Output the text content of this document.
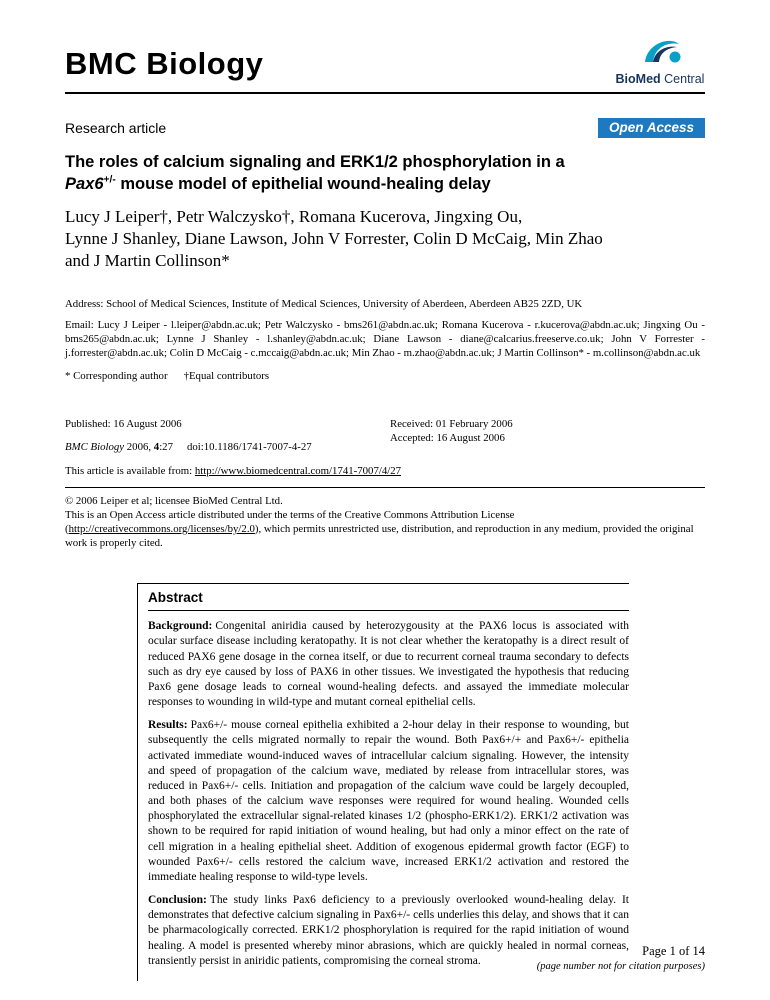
BMC Biology	BioMed Central
Research article	Open Access
The roles of calcium signaling and ERK1/2 phosphorylation in a
Pax6+/- mouse model of epithelial wound-healing delay
Lucy J Leiper†, Petr Walczysko†, Romana Kucerova, Jingxing Ou,
Lynne J Shanley, Diane Lawson, John V Forrester, Colin D McCaig, Min Zhao
and J Martin Collinson*
Address: School of Medical Sciences, Institute of Medical Sciences, University of Aberdeen, Aberdeen AB25 2ZD, UK
Email: Lucy J Leiper - l.leiper@abdn.ac.uk; Petr Walczysko - bms261@abdn.ac.uk; Romana Kucerova - r.kucerova@abdn.ac.uk; Jingxing Ou - bms265@abdn.ac.uk; Lynne J Shanley - l.shanley@abdn.ac.uk; Diane Lawson - diane@calcarius.freeserve.co.uk; John V Forrester - j.forrester@abdn.ac.uk; Colin D McCaig - c.mccaig@abdn.ac.uk; Min Zhao - m.zhao@abdn.ac.uk; J Martin Collinson* - m.collinson@abdn.ac.uk
* Corresponding author †Equal contributors
Published: 16 August 2006
BMC Biology 2006, 4:27 doi:10.1186/1741-7007-4-27
Received: 01 February 2006
Accepted: 16 August 2006
This article is available from: http://www.biomedcentral.com/1741-7007/4/27
© 2006 Leiper et al; licensee BioMed Central Ltd.
This is an Open Access article distributed under the terms of the Creative Commons Attribution License (http://creativecommons.org/licenses/by/2.0), which permits unrestricted use, distribution, and reproduction in any medium, provided the original work is properly cited.
Abstract

Background: Congenital aniridia caused by heterozygousity at the PAX6 locus is associated with ocular surface disease including keratopathy. It is not clear whether the keratopathy is a direct result of reduced PAX6 gene dosage in the cornea itself, or due to recurrent corneal trauma secondary to defects such as dry eye caused by loss of PAX6 in other tissues. We investigated the hypothesis that reducing Pax6 gene dosage leads to corneal wound-healing defects. and assayed the immediate molecular responses to wounding in wild-type and mutant corneal epithelial cells.

Results: Pax6+/- mouse corneal epithelia exhibited a 2-hour delay in their response to wounding, but subsequently the cells migrated normally to repair the wound. Both Pax6+/+ and Pax6+/- epithelia activated immediate wound-induced waves of intracellular calcium signaling. However, the intensity and speed of propagation of the calcium wave, mediated by release from intracellular stores, was reduced in Pax6+/- cells. Initiation and propagation of the calcium wave could be largely decoupled, and both phases of the calcium wave responses were required for wound healing. Wounded cells phosphorylated the extracellular signal-related kinases 1/2 (phospho-ERK1/2). ERK1/2 activation was shown to be required for rapid initiation of wound healing, but had only a minor effect on the rate of cell migration in a healing epithelial sheet. Addition of exogenous epidermal growth factor (EGF) to wounded Pax6+/- cells restored the calcium wave, increased ERK1/2 activation and restored the immediate healing response to wild-type levels.

Conclusion: The study links Pax6 deficiency to a previously overlooked wound-healing delay. It demonstrates that defective calcium signaling in Pax6+/- cells underlies this delay, and shows that it can be pharmacologically corrected. ERK1/2 phosphorylation is required for the rapid initiation of wound healing. A model is presented whereby minor abrasions, which are quickly healed in normal corneas, transiently persist in aniridic patients, compromising the corneal stroma.

Page 1 of 14
(page number not for citation purposes)
